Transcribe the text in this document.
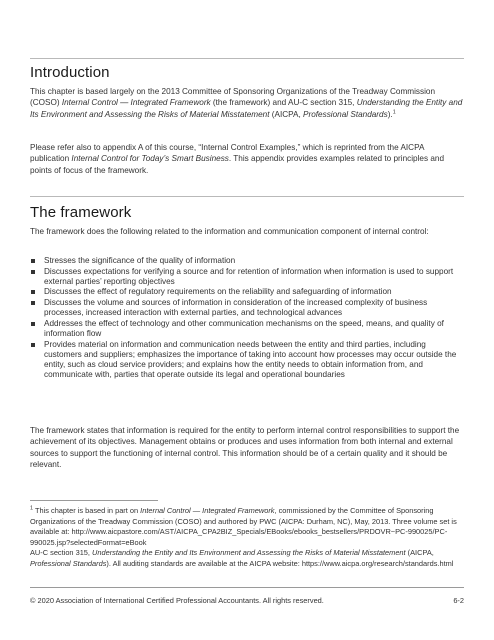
Introduction

This chapter is based largely on the 2013 Committee of Sponsoring Organizations of the Treadway Commission (COSO) Internal Control — Integrated Framework (the framework) and AU-C section 315, Understanding the Entity and Its Environment and Assessing the Risks of Material Misstatement (AICPA, Professional Standards).$^1$

Please refer also to appendix A of this course, “Internal Control Examples,” which is reprinted from the AICPA publication Internal Control for Today’s Smart Business. This appendix provides examples related to principles and points of focus of the framework.

The framework

The framework does the following related to the information and communication component of internal control:

Stresses the significance of the quality of information
Discusses expectations for verifying a source and for retention of information when information is used to support external parties’ reporting objectives
Discusses the effect of regulatory requirements on the reliability and safeguarding of information
Discusses the volume and sources of information in consideration of the increased complexity of business processes, increased interaction with external parties, and technological advances
Addresses the effect of technology and other communication mechanisms on the speed, means, and quality of information flow
Provides material on information and communication needs between the entity and third parties, including customers and suppliers; emphasizes the importance of taking into account how processes may occur outside the entity, such as cloud service providers; and explains how the entity needs to obtain information from, and communicate with, parties that operate outside its legal and operational boundaries

The framework states that information is required for the entity to perform internal control responsibilities to support the achievement of its objectives. Management obtains or produces and uses information from both internal and external sources to support the functioning of internal control. This information should be of a certain quality and it should be relevant.

$^1$ This chapter is based in part on Internal Control — Integrated Framework, commissioned by the Committee of Sponsoring Organizations of the Treadway Commission (COSO) and authored by PWC (AICPA: Durham, NC), May, 2013. Three volume set is available at: http://www.aicpastore.com/AST/AICPA_CPA2BIZ_Specials/EBooks/ebooks_bestsellers/PRDOVR~PC-990025/PC-990025.jsp?selectedFormat=eBook
AU-C section 315, Understanding the Entity and Its Environment and Assessing the Risks of Material Misstatement (AICPA, Professional Standards). All auditing standards are available at the AICPA website: https://www.aicpa.org/research/standards.html

© 2020 Association of International Certified Professional Accountants. All rights reserved.	6-2
